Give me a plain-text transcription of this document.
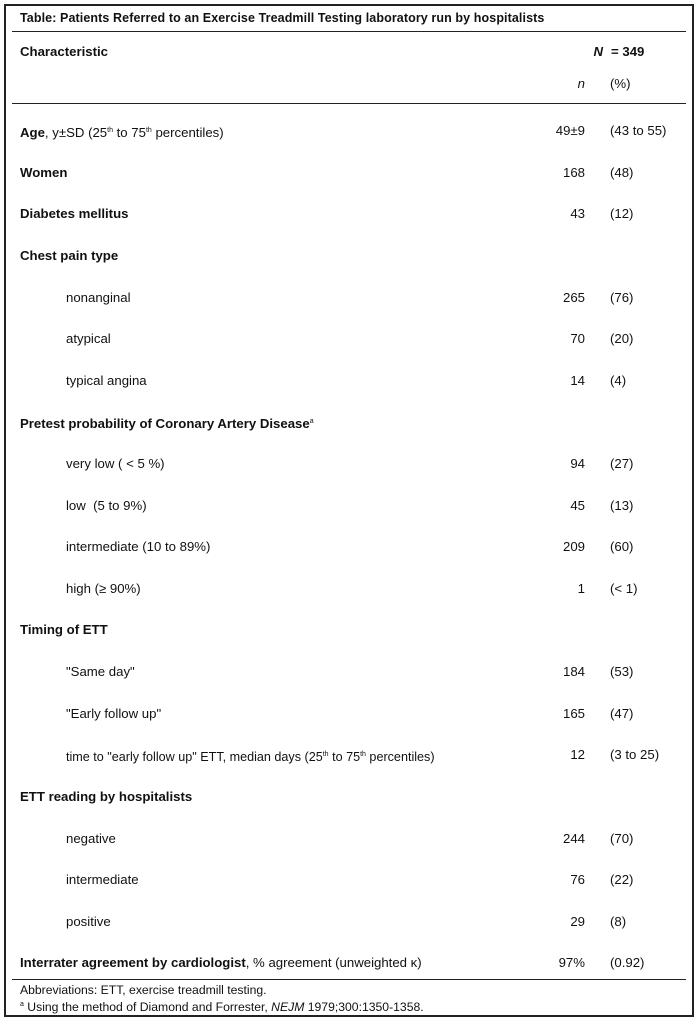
Table: Patients Referred to an Exercise Treadmill Testing laboratory run by hospitalists
Characteristic	N = 349
n (%)
Age, y±SD (25th to 75th percentiles)	49±9 (43 to 55)
Women	168 (48)
Diabetes mellitus	43 (12)
Chest pain type
nonanginal	265 (76)
atypical	70 (20)
typical angina	14 (4)
Pretest probability of Coronary Artery Disease$^a$
very low ( < 5 %)	94 (27)
low  (5 to 9%)	45 (13)
intermediate (10 to 89%)	209 (60)
high (≥ 90%)	1 (< 1)
Timing of ETT
"Same day"	184 (53)
"Early follow up"	165 (47)
time to "early follow up" ETT, median days (25th to 75th percentiles)	12 (3 to 25)
ETT reading by hospitalists
negative	244 (70)
intermediate	76 (22)
positive	29 (8)
Interrater agreement by cardiologist, % agreement (unweighted κ)	97% (0.92)
Abbreviations: ETT, exercise treadmill testing.
$^a$ Using the method of Diamond and Forrester, NEJM 1979;300:1350-1358.
